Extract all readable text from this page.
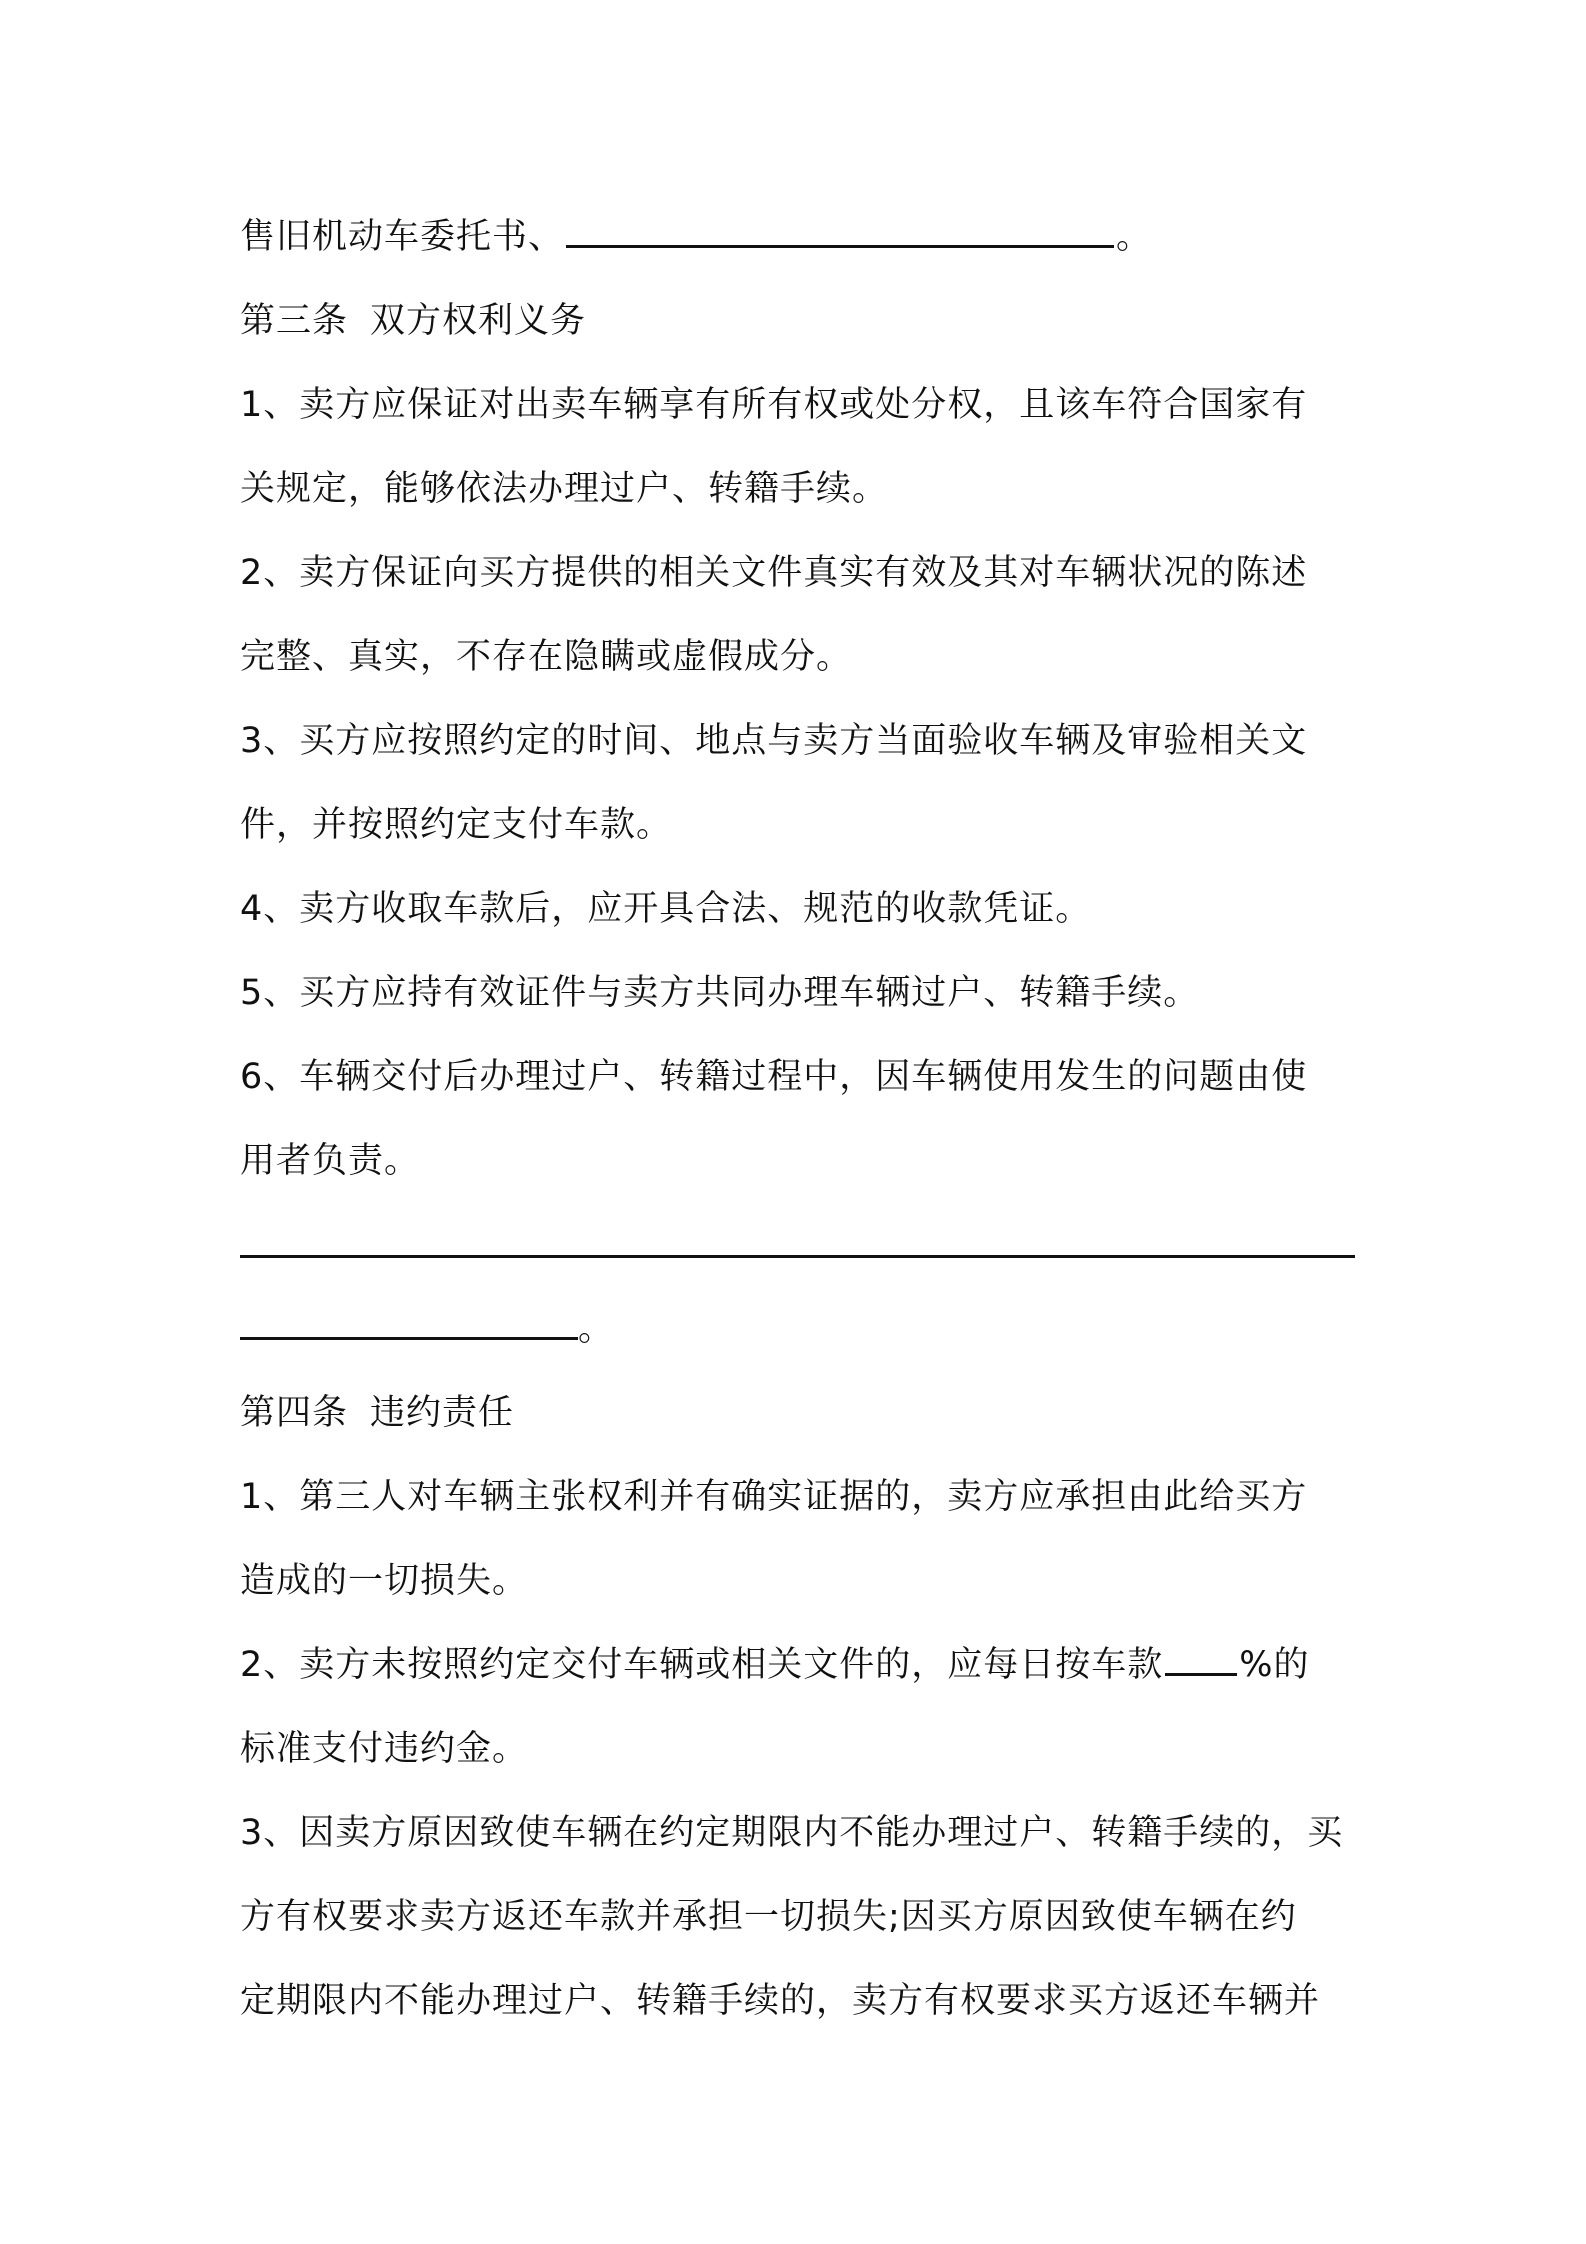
售旧机动车委托书、	。
第三条 双方权利义务
1、卖方应保证对出卖车辆享有所有权或处分权，且该车符合国家有
关规定，能够依法办理过户、转籍手续。
2、卖方保证向买方提供的相关文件真实有效及其对车辆状况的陈述
完整、真实，不存在隐瞒或虚假成分。
3、买方应按照约定的时间、地点与卖方当面验收车辆及审验相关文
件，并按照约定支付车款。
4、卖方收取车款后，应开具合法、规范的收款凭证。
5、买方应持有效证件与卖方共同办理车辆过户、转籍手续。
6、车辆交付后办理过户、转籍过程中，因车辆使用发生的问题由使
用者负责。
。
第四条 违约责任
1、第三人对车辆主张权利并有确实证据的，卖方应承担由此给买方
造成的一切损失。
2、卖方未按照约定交付车辆或相关文件的，应每日按车款 %的
标准支付违约金。
3、因卖方原因致使车辆在约定期限内不能办理过户、转籍手续的，买
方有权要求卖方返还车款并承担一切损失;因买方原因致使车辆在约
定期限内不能办理过户、转籍手续的，卖方有权要求买方返还车辆并
